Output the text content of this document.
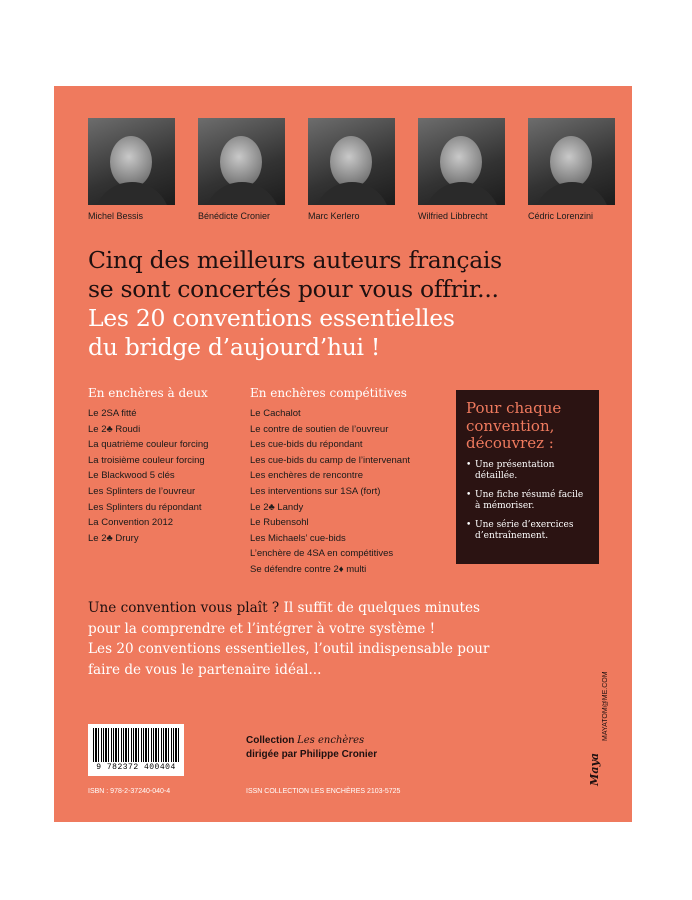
Michel Bessis	Bénédicte Cronier	Marc Kerlero	Wilfried Libbrecht	Cédric Lorenzini
Cinq des meilleurs auteurs français
se sont concertés pour vous offrir...
Les 20 conventions essentielles
du bridge d’aujourd’hui !
En enchères à deux
Le 2SA fitté
Le 2♣ Roudi
La quatrième couleur forcing
La troisième couleur forcing
Le Blackwood 5 clés
Les Splinters de l’ouvreur
Les Splinters du répondant
La Convention 2012
Le 2♣ Drury
En enchères compétitives
Le Cachalot
Le contre de soutien de l’ouvreur
Les cue-bids du répondant
Les cue-bids du camp de l’intervenant
Les enchères de rencontre
Les interventions sur 1SA (fort)
Le 2♣ Landy
Le Rubensohl
Les Michaels’ cue-bids
L’enchère de 4SA en compétitives
Se défendre contre 2♦ multi
Pour chaque
convention,
découvrez :
• Une présentation détaillée.
• Une fiche résumé facile à mémoriser.
• Une série d’exercices d’entraînement.
Une convention vous plaît ? Il suffit de quelques minutes
pour la comprendre et l’intégrer à votre système !
Les 20 conventions essentielles, l’outil indispensable pour
faire de vous le partenaire idéal...
9 782372 400404
ISBN : 978-2-37240-040-4
Collection Les enchères
dirigée par Philippe Cronier
ISSN COLLECTION LES ENCHÈRES 2103-5725
MAYATOM@ME.COM
Maya
